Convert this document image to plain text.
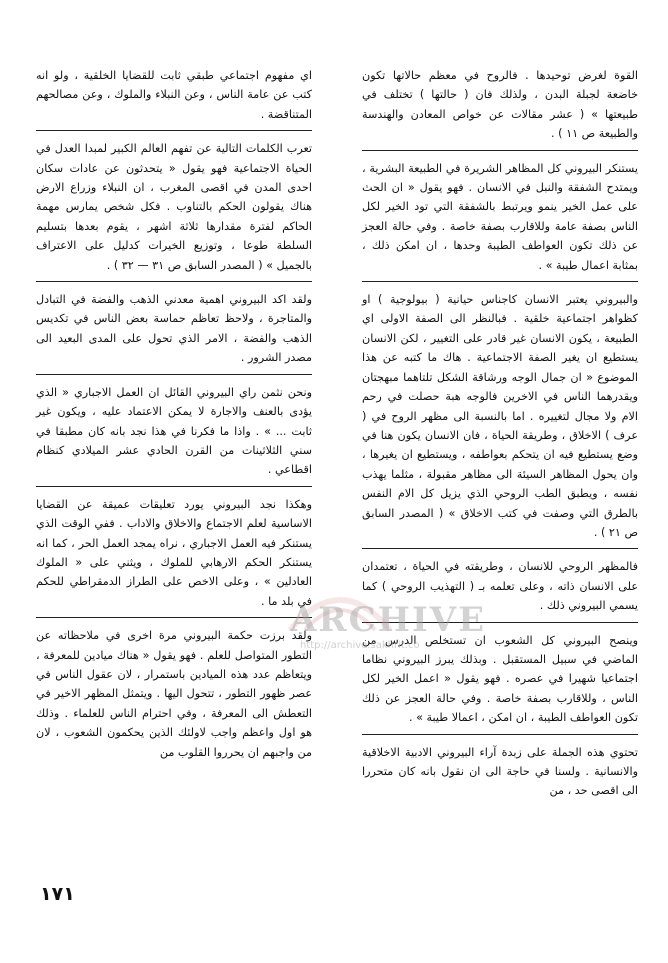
القوة لغرض توحيدها . فالروح في معظم حالاتها تكون خاضعة لجبلة البدن ، ولذلك فان ( حالتها ) تختلف في طبيعتها » ( عشر مقالات عن خواص المعادن والهندسة والطبيعة ص ١١ ) .

يستنكر البيروني كل المظاهر الشريرة في الطبيعة البشرية ، ويمتدح الشفقة والنبل في الانسان . فهو يقول « ان الحث على عمل الخير ينمو ويرتبط بالشفقة التي تود الخير لكل الناس بصفة عامة وللاقارب بصفة خاصة . وفي حالة العجز عن ذلك تكون العواطف الطيبة وحدها ، ان امكن ذلك ، بمثابة اعمال طيبة » .

والبيروني يعتبر الانسان كاجناس حيانية ( بيولوجية ) او كظواهر اجتماعية خلقية . فبالنظر الى الصفة الاولى اي الطبيعة ، يكون الانسان غير قادر على التغيير ، لكن الانسان يستطيع ان يغير الصفة الاجتماعية . هاك ما كتبه عن هذا الموضوع « ان جمال الوجه ورشاقة الشكل تلتاهما مبهجتان ويقدرهما الناس في الاخرين فالوجه هبة حصلت في رحم الام ولا مجال لتغييره . اما بالنسبة الى مظهر الروح في ( عرف ) الاخلاق ، وطريقة الحياة ، فان الانسان يكون هنا في وضع يستطيع فيه ان يتحكم بعواطفه ، ويستطيع ان يغيرها ، وان يحول المظاهر السيئة الى مظاهر مقبولة ، مثلما يهذب نفسه ، ويطبق الطب الروحي الذي يزيل كل الام النفس بالطرق التي وصفت في كتب الاخلاق » ( المصدر السابق ص ٢١ ) .

فالمظهر الروحي للانسان ، وطريقته في الحياة ، تعتمدان على الانسان ذاته ، وعلى تعلمه بـ ( التهذيب الروحي ) كما يسمي البيروني ذلك .

وينصح البيروني كل الشعوب ان تستخلص الدرس من الماضي في سبيل المستقبل . وبذلك يبرز البيروني نظاما اجتماعيا شهيرا في عصره . فهو يقول « اعمل الخير لكل الناس ، وللاقارب بصفة خاصة . وفي حالة العجز عن ذلك تكون العواطف الطيبة ، ان امكن ، اعمالا طيبة » .

تحتوي هذه الجملة على زبدة آراء البيروني الادبية الاخلاقية والانسانية . ولسنا في حاجة الى ان نقول بانه كان متحررا الى اقصى حد ، من

اي مفهوم اجتماعي طبقي ثابت للقضايا الخلقية ، ولو انه كتب عن عامة الناس ، وعن النبلاء والملوك ، وعن مصالحهم المتناقضة .

تعرب الكلمات التالية عن تفهم العالم الكبير لمبدا العدل في الحياة الاجتماعية فهو يقول « يتحدثون عن عادات سكان احدى المدن في اقصى المغرب ، ان النبلاء وزراع الارض هناك يقولون الحكم بالتناوب . فكل شخص يمارس مهمة الحاكم لفترة مقدارها ثلاثة اشهر ، يقوم بعدها بتسليم السلطة طوعا ، وتوزيع الخيرات كدليل على الاعتراف بالجميل » ( المصدر السابق ص ٣١ — ٣٢ ) .

ولقد اكد البيروني اهمية معدني الذهب والفضة في التبادل والمتاجرة ، ولاحظ تعاظم حماسة بعض الناس في تكديس الذهب والفضة ، الامر الذي تحول على المدى البعيد الى مصدر الشرور .

ونحن نثمن راي البيروني القائل ان العمل الاجباري « الذي يؤدى بالعنف والاجارة لا يمكن الاعتماد عليه ، ويكون غير ثابت ... » . واذا ما فكرنا في هذا نجد بانه كان مطبقا في سني الثلاثينات من القرن الحادي عشر الميلادي كنظام اقطاعي .

وهكذا نجد البيروني يورد تعليقات عميقة عن القضايا الاساسية لعلم الاجتماع والاخلاق والاداب . ففي الوقت الذي يستنكر فيه العمل الاجباري ، نراه يمجد العمل الحر ، كما انه يستنكر الحكم الارهابي للملوك ، ويثني على « الملوك العادلين » ، وعلى الاخص على الطراز الدمقراطي للحكم في بلد ما .

ولقد برزت حكمة البيروني مرة اخرى في ملاحظاته عن التطور المتواصل للعلم . فهو يقول « هناك ميادين للمعرفة ، ويتعاظم عدد هذه الميادين باستمرار ، لان عقول الناس في عصر ظهور التطور ، تتحول اليها . ويتمثل المظهر الاخير في التعطش الى المعرفة ، وفي احترام الناس للعلماء . وذلك هو اول واعظم واجب لاولئك الذين يحكمون الشعوب ، لان من واجبهم ان يحرروا القلوب من

ARCHIVE
http://archive.sakhrit.co
١٧١
